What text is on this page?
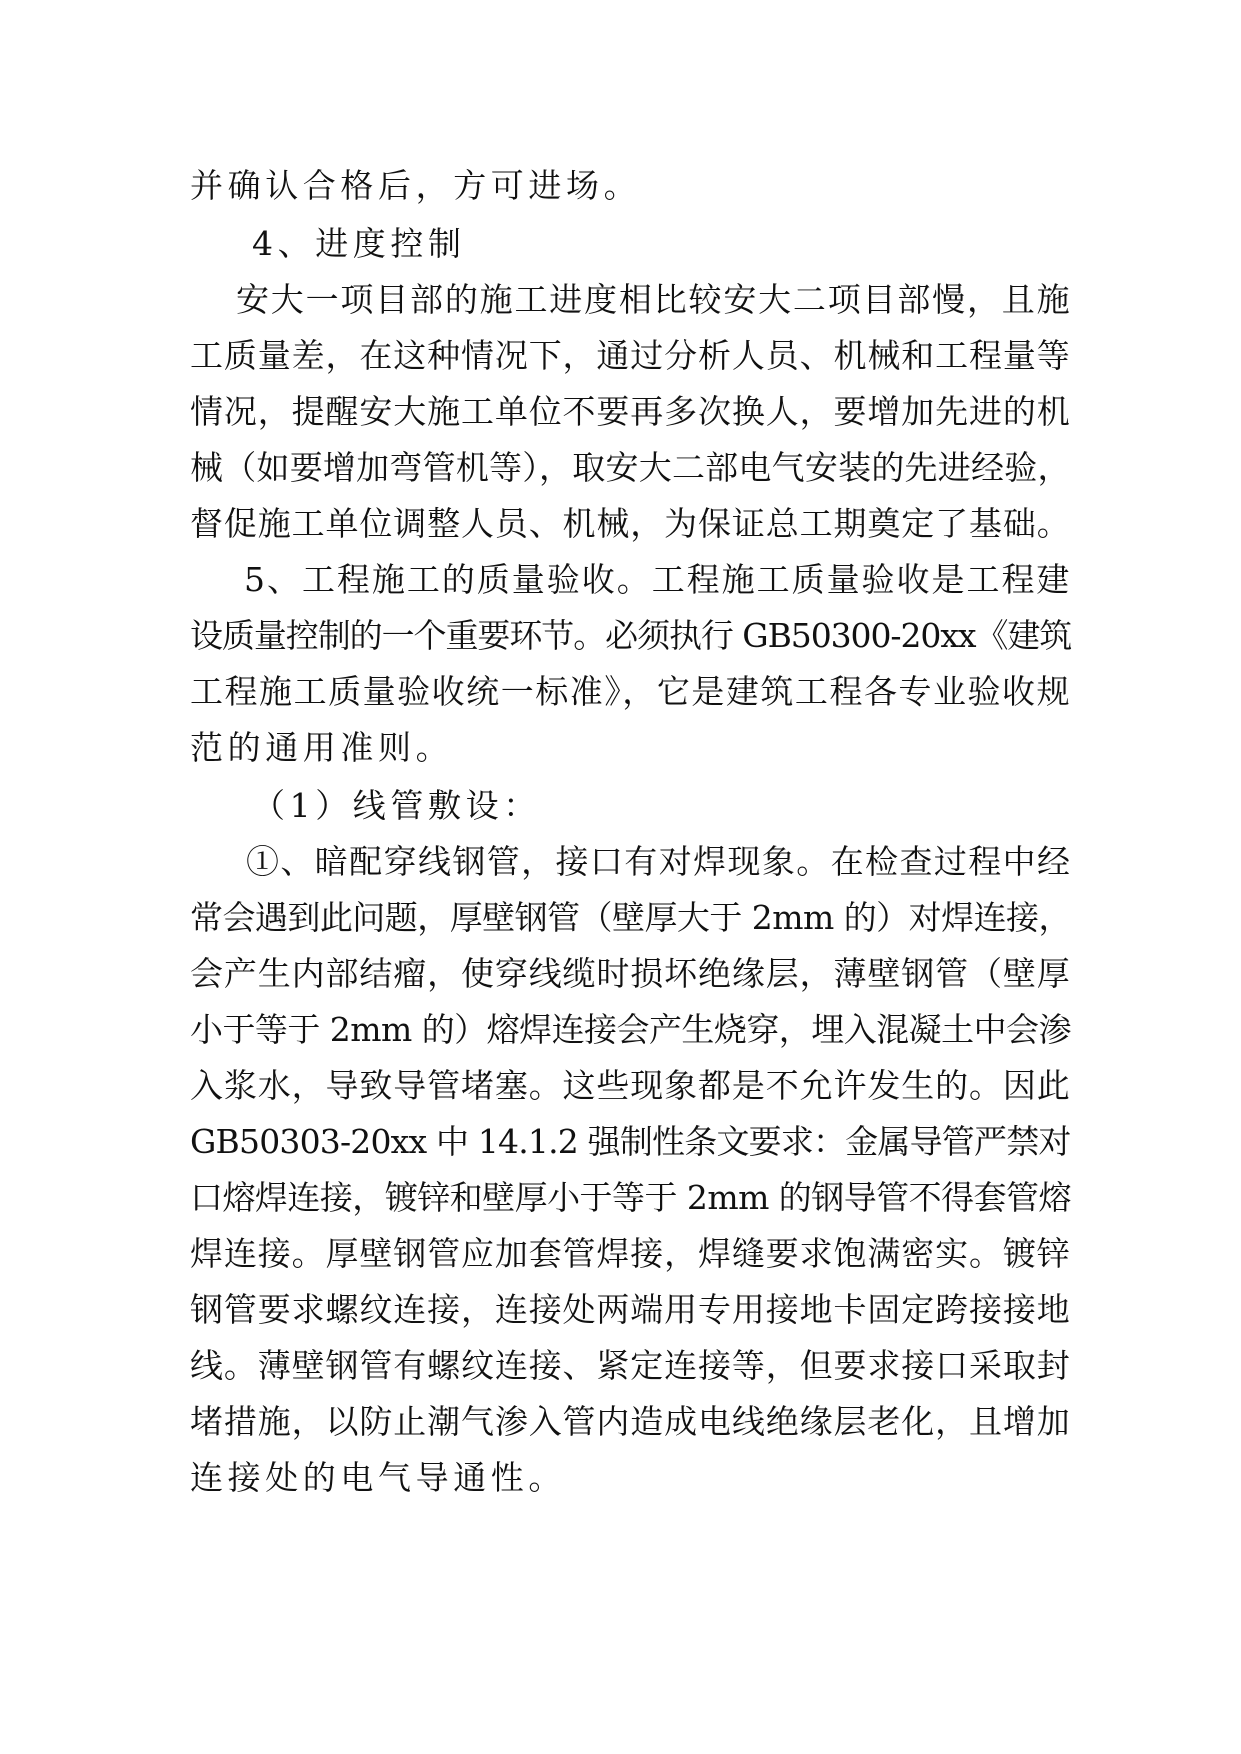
并确认合格后，方可进场。
4、进度控制
安大一项目部的施工进度相比较安大二项目部慢，且施
工质量差，在这种情况下，通过分析人员、机械和工程量等
情况，提醒安大施工单位不要再多次换人，要增加先进的机
械（如要增加弯管机等），取安大二部电气安装的先进经验，
督促施工单位调整人员、机械，为保证总工期奠定了基础。
5、工程施工的质量验收。工程施工质量验收是工程建
设质量控制的一个重要环节。必须执行 GB50300-20xx《建筑
工程施工质量验收统一标准》，它是建筑工程各专业验收规
范的通用准则。
（1）线管敷设：
①、暗配穿线钢管，接口有对焊现象。在检查过程中经
常会遇到此问题，厚壁钢管（壁厚大于 2mm 的）对焊连接，
会产生内部结瘤，使穿线缆时损坏绝缘层，薄壁钢管（壁厚
小于等于 2mm 的）熔焊连接会产生烧穿，埋入混凝土中会渗
入浆水，导致导管堵塞。这些现象都是不允许发生的。因此
GB50303-20xx 中 14.1.2 强制性条文要求：金属导管严禁对
口熔焊连接，镀锌和壁厚小于等于 2mm 的钢导管不得套管熔
焊连接。厚壁钢管应加套管焊接，焊缝要求饱满密实。镀锌
钢管要求螺纹连接，连接处两端用专用接地卡固定跨接接地
线。薄壁钢管有螺纹连接、紧定连接等，但要求接口采取封
堵措施，以防止潮气渗入管内造成电线绝缘层老化，且增加
连接处的电气导通性。
